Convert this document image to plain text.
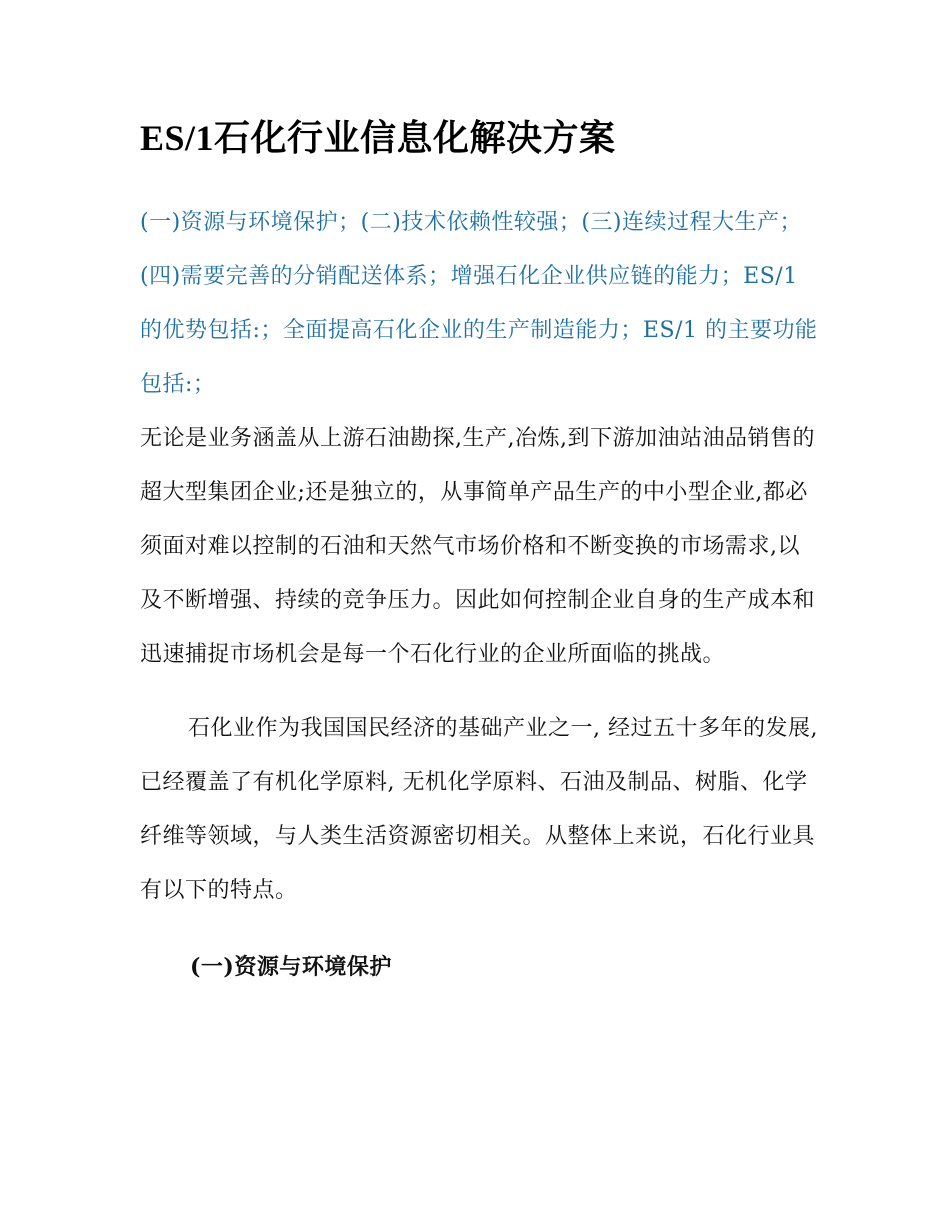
ES/1石化行业信息化解决方案

(一)资源与环境保护；(二)技术依赖性较强；(三)连续过程大生产；(四)需要完善的分销配送体系；增强石化企业供应链的能力；ES/1 的优势包括:；全面提高石化企业的生产制造能力；ES/1 的主要功能包括:；

无论是业务涵盖从上游石油勘探,生产,冶炼,到下游加油站油品销售的超大型集团企业;还是独立的，从事简单产品生产的中小型企业,都必须面对难以控制的石油和天然气市场价格和不断变换的市场需求,以及不断增强、持续的竞争压力。因此如何控制企业自身的生产成本和迅速捕捉市场机会是每一个石化行业的企业所面临的挑战。

石化业作为我国国民经济的基础产业之一, 经过五十多年的发展, 已经覆盖了有机化学原料, 无机化学原料、石油及制品、树脂、化学纤维等领域，与人类生活资源密切相关。从整体上来说，石化行业具有以下的特点。

(一)资源与环境保护
